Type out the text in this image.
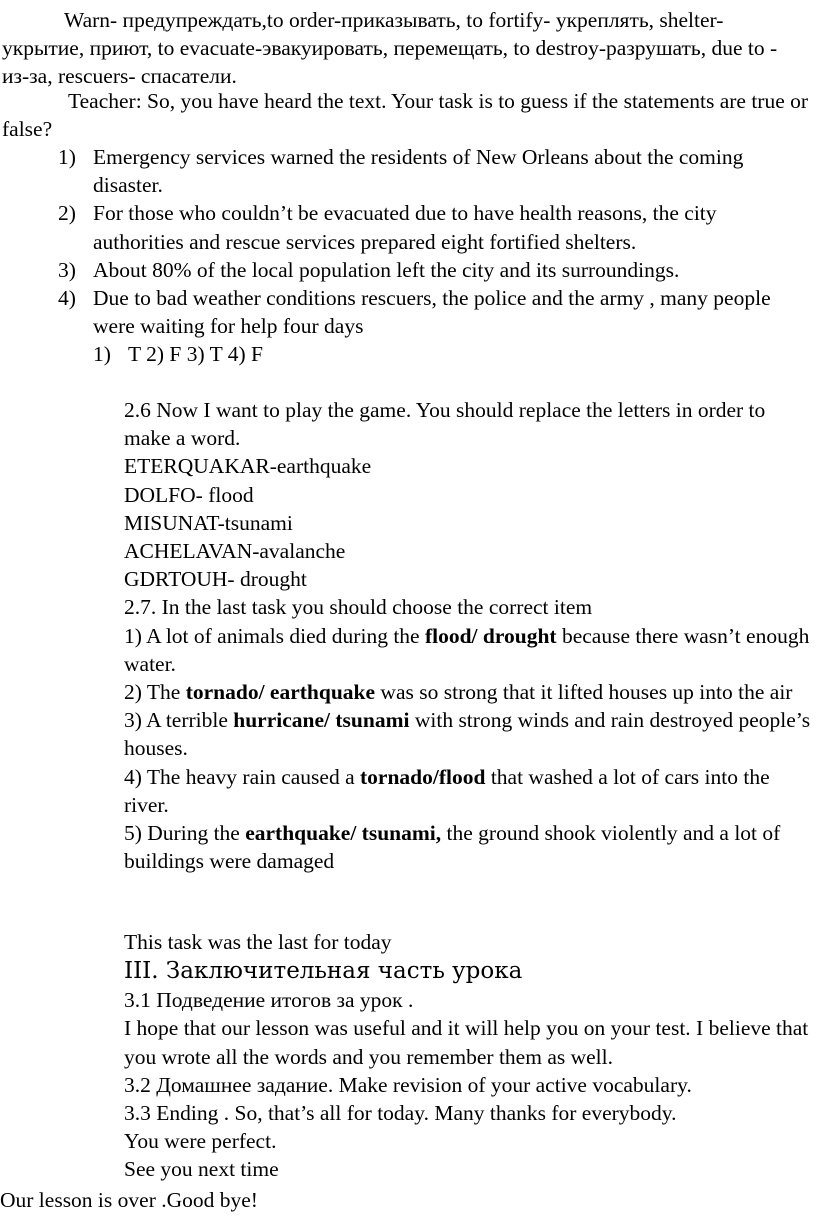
Warn- предупреждать,to order-приказывать, to fortify- укреплять, shelter-укрытие, приют, to evacuate-эвакуировать, перемещать, to destroy-разрушать, due to - из-за, rescuers- спасатели.

Teacher: So, you have heard the text. Your task is to guess if the statements are true or false?

1) Emergency services warned the residents of New Orleans about the coming disaster.
2) For those who couldn’t be evacuated due to have health reasons, the city authorities and rescue services prepared eight fortified shelters.
3) About 80% of the local population left the city and its surroundings.
4) Due to bad weather conditions rescuers, the police and the army , many people were waiting for help four days
1) T 2) F 3) T 4) F
2.6 Now I want to play the game. You should replace the letters in order to make a word.
ETERQUAKAR-earthquake
DOLFO- flood
MISUNAT-tsunami
ACHELAVAN-avalanche
GDRTOUH- drought
2.7. In the last task you should choose the correct item
1) A lot of animals died during the flood/ drought because there wasn’t enough water.
2) The tornado/ earthquake was so strong that it lifted houses up into the air
3) A terrible hurricane/ tsunami with strong winds and rain destroyed people’s houses.
4) The heavy rain caused a tornado/flood that washed a lot of cars into the river.
5) During the earthquake/ tsunami, the ground shook violently and a lot of buildings were damaged
This task was the last for today
III. Заключительная часть урока
3.1 Подведение итогов за урок .
I hope that our lesson was useful and it will help you on your test. I believe that you wrote all the words and you remember them as well.
3.2 Домашнее задание. Make revision of your active vocabulary.
3.3 Ending . So, that’s all for today. Many thanks for everybody.
You were perfect.
See you next time
Our lesson is over .Good bye!
